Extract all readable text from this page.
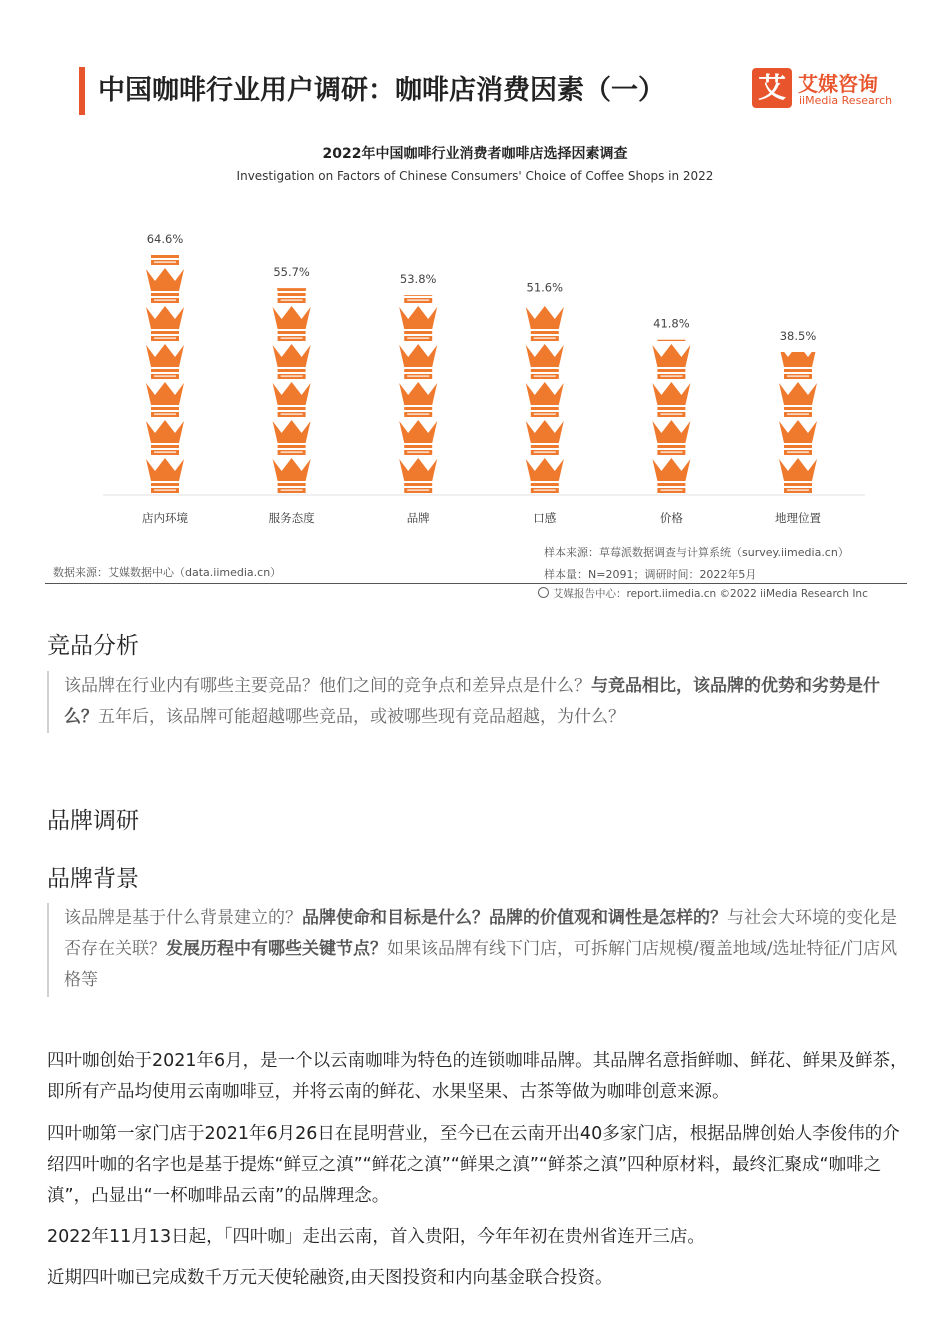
中国咖啡行业用户调研：咖啡店消费因素（一）	艾 艾媒咨询
iiMedia Research
2022年中国咖啡行业消费者咖啡店选择因素调查
Investigation on Factors of Chinese Consumers' Choice of Coffee Shops in 2022
64.6%
店内环境
55.7%
服务态度
53.8%
品牌
51.6%
口感
41.8%
价格
38.5%
地理位置
数据来源：艾媒数据中心（data.iimedia.cn）
样本来源：草莓派数据调查与计算系统（survey.iimedia.cn）
样本量：N=2091；调研时间：2022年5月
艾媒报告中心：report.iimedia.cn ©2022 iiMedia Research Inc
竞品分析
该品牌在行业内有哪些主要竞品？他们之间的竞争点和差异点是什么？与竞品相比，该品牌的优势和劣势是什么？五年后，该品牌可能超越哪些竞品，或被哪些现有竞品超越，为什么？
品牌调研
品牌背景
该品牌是基于什么背景建立的？品牌使命和目标是什么？品牌的价值观和调性是怎样的？与社会大环境的变化是否存在关联？发展历程中有哪些关键节点？如果该品牌有线下门店，可拆解门店规模/覆盖地域/选址特征/门店风格等
四叶咖创始于2021年6月，是一个以云南咖啡为特色的连锁咖啡品牌。其品牌名意指鲜咖、鲜花、鲜果及鲜茶，即所有产品均使用云南咖啡豆，并将云南的鲜花、水果坚果、古茶等做为咖啡创意来源。
四叶咖第一家门店于2021年6月26日在昆明营业，至今已在云南开出40多家门店，根据品牌创始人李俊伟的介绍四叶咖的名字也是基于提炼“鲜豆之滇”“鲜花之滇”“鲜果之滇”“鲜茶之滇”四种原材料，最终汇聚成“咖啡之滇”，凸显出“一杯咖啡品云南”的品牌理念。
2022年11月13日起，「四叶咖」走出云南，首入贵阳，今年年初在贵州省连开三店。
近期四叶咖已完成数千万元天使轮融资,由天图投资和内向基金联合投资。
